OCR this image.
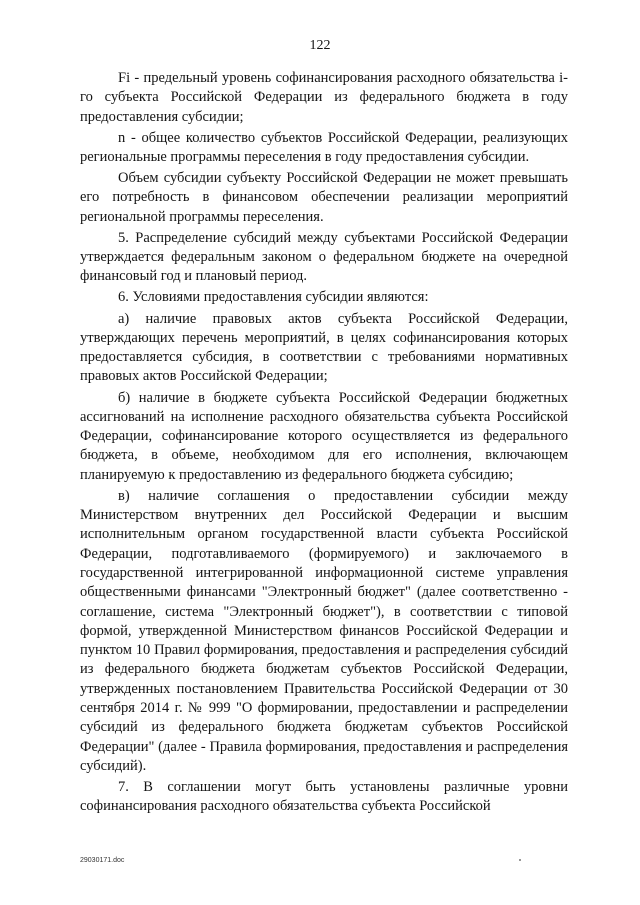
122

Fi - предельный уровень софинансирования расходного обязательства i-го субъекта Российской Федерации из федерального бюджета в году предоставления субсидии;

n - общее количество субъектов Российской Федерации, реализующих региональные программы переселения в году предоставления субсидии.

Объем субсидии субъекту Российской Федерации не может превышать его потребность в финансовом обеспечении реализации мероприятий региональной программы переселения.

5. Распределение субсидий между субъектами Российской Федерации утверждается федеральным законом о федеральном бюджете на очередной финансовый год и плановый период.

6. Условиями предоставления субсидии являются:

а) наличие правовых актов субъекта Российской Федерации, утверждающих перечень мероприятий, в целях софинансирования которых предоставляется субсидия, в соответствии с требованиями нормативных правовых актов Российской Федерации;

б) наличие в бюджете субъекта Российской Федерации бюджетных ассигнований на исполнение расходного обязательства субъекта Российской Федерации, софинансирование которого осуществляется из федерального бюджета, в объеме, необходимом для его исполнения, включающем планируемую к предоставлению из федерального бюджета субсидию;

в) наличие соглашения о предоставлении субсидии между Министерством внутренних дел Российской Федерации и высшим исполнительным органом государственной власти субъекта Российской Федерации, подготавливаемого (формируемого) и заключаемого в государственной интегрированной информационной системе управления общественными финансами "Электронный бюджет" (далее соответственно - соглашение, система "Электронный бюджет"), в соответствии с типовой формой, утвержденной Министерством финансов Российской Федерации и пунктом 10 Правил формирования, предоставления и распределения субсидий из федерального бюджета бюджетам субъектов Российской Федерации, утвержденных постановлением Правительства Российской Федерации от 30 сентября 2014 г. № 999 "О формировании, предоставлении и распределении субсидий из федерального бюджета бюджетам субъектов Российской Федерации" (далее - Правила формирования, предоставления и распределения субсидий).

7. В соглашении могут быть установлены различные уровни софинансирования расходного обязательства субъекта Российской

29030171.doc
